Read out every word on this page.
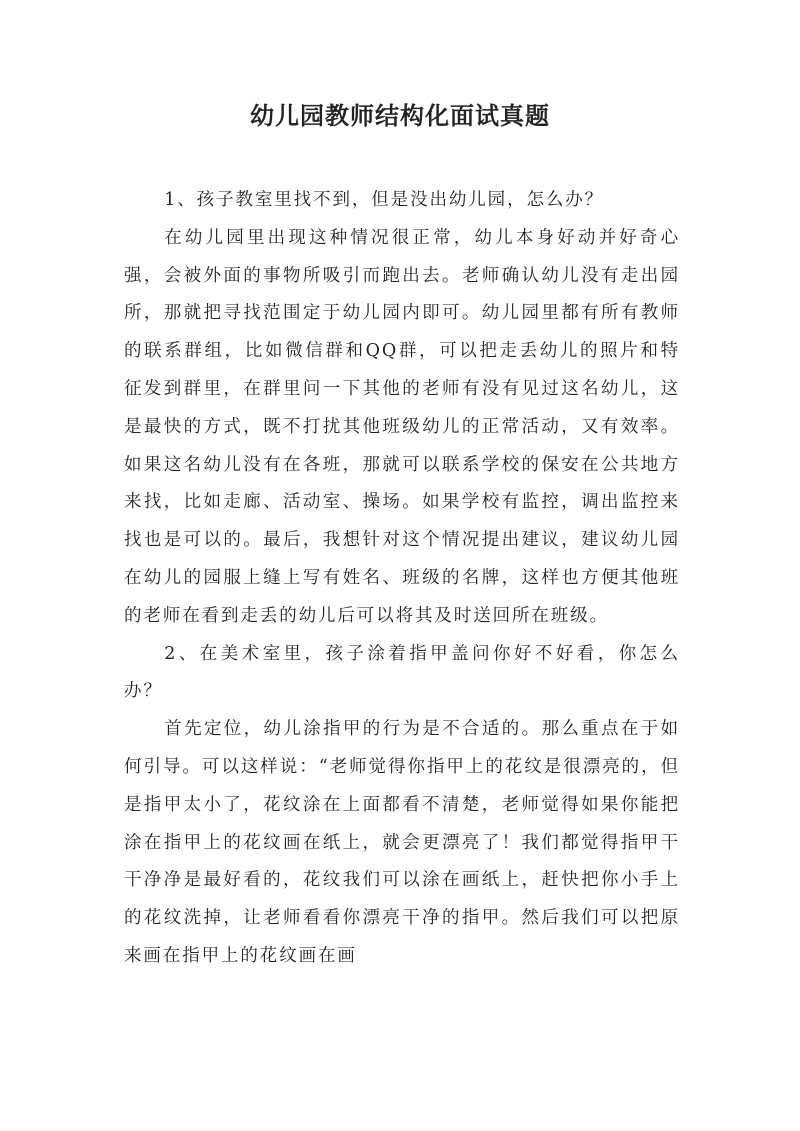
幼儿园教师结构化面试真题

1、孩子教室里找不到，但是没出幼儿园，怎么办？

在幼儿园里出现这种情况很正常，幼儿本身好动并好奇心强，会被外面的事物所吸引而跑出去。老师确认幼儿没有走出园所，那就把寻找范围定于幼儿园内即可。幼儿园里都有所有教师的联系群组，比如微信群和QQ群，可以把走丢幼儿的照片和特征发到群里，在群里问一下其他的老师有没有见过这名幼儿，这是最快的方式，既不打扰其他班级幼儿的正常活动，又有效率。如果这名幼儿没有在各班，那就可以联系学校的保安在公共地方来找，比如走廊、活动室、操场。如果学校有监控，调出监控来找也是可以的。最后，我想针对这个情况提出建议，建议幼儿园在幼儿的园服上缝上写有姓名、班级的名牌，这样也方便其他班的老师在看到走丢的幼儿后可以将其及时送回所在班级。

2、在美术室里，孩子涂着指甲盖问你好不好看，你怎么办？

首先定位，幼儿涂指甲的行为是不合适的。那么重点在于如何引导。可以这样说：“老师觉得你指甲上的花纹是很漂亮的，但是指甲太小了，花纹涂在上面都看不清楚，老师觉得如果你能把涂在指甲上的花纹画在纸上，就会更漂亮了！我们都觉得指甲干干净净是最好看的，花纹我们可以涂在画纸上，赶快把你小手上的花纹洗掉，让老师看看你漂亮干净的指甲。然后我们可以把原来画在指甲上的花纹画在画
